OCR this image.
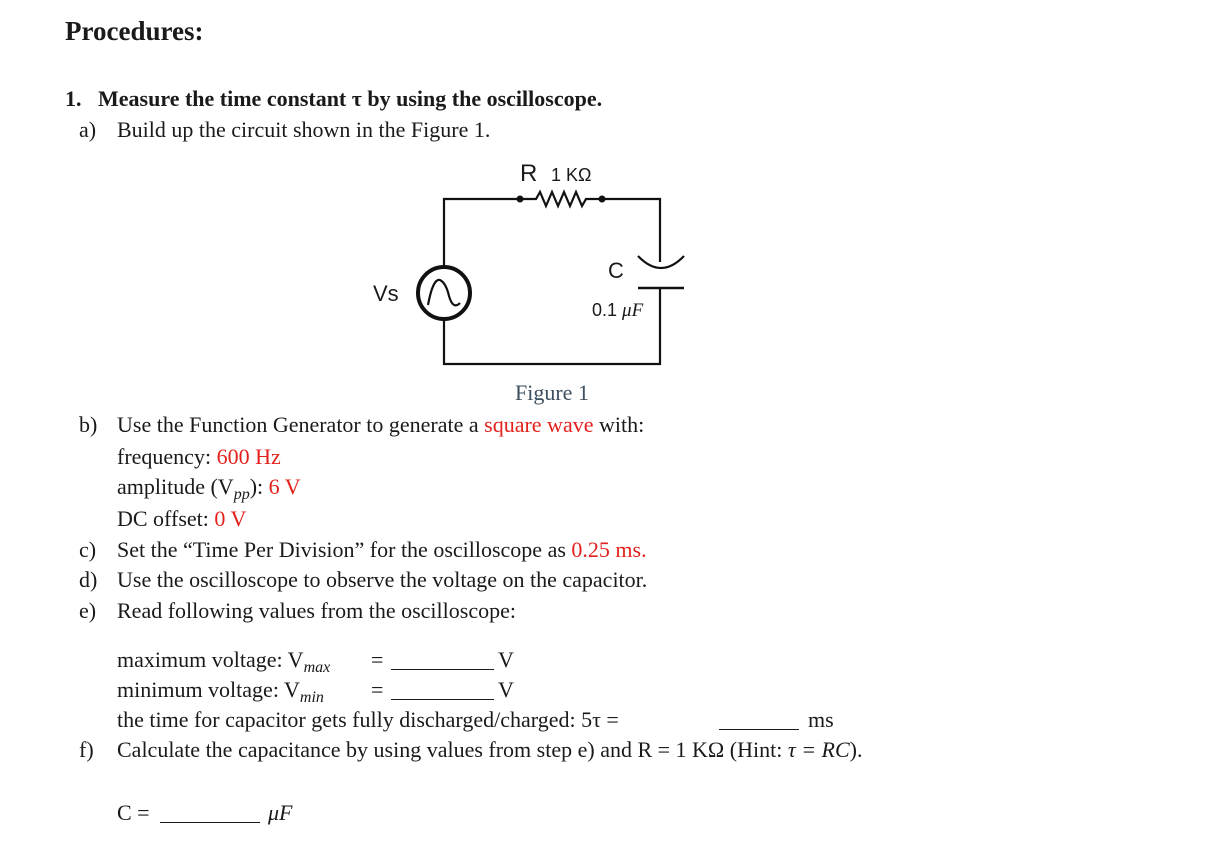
Procedures:
1. Measure the time constant τ by using the oscilloscope.
a) Build up the circuit shown in the Figure 1.
R 1 KΩ
C
0.1 μF
Vs
Figure 1
b) Use the Function Generator to generate a square wave with:
frequency: 600 Hz
amplitude $(V_{pp})$: 6 V
DC offset: 0 V
c) Set the “Time Per Division” for the oscilloscope as 0.25 ms.
d) Use the oscilloscope to observe the voltage on the capacitor.
e) Read following values from the oscilloscope:
maximum voltage: $V_{max}$ =	V
minimum voltage: $V_{min}$ =	V
the time for capacitor gets fully discharged/charged: 5τ =	ms
f) Calculate the capacitance by using values from step e) and R = 1 KΩ (Hint: τ = RC).
C =	μF
